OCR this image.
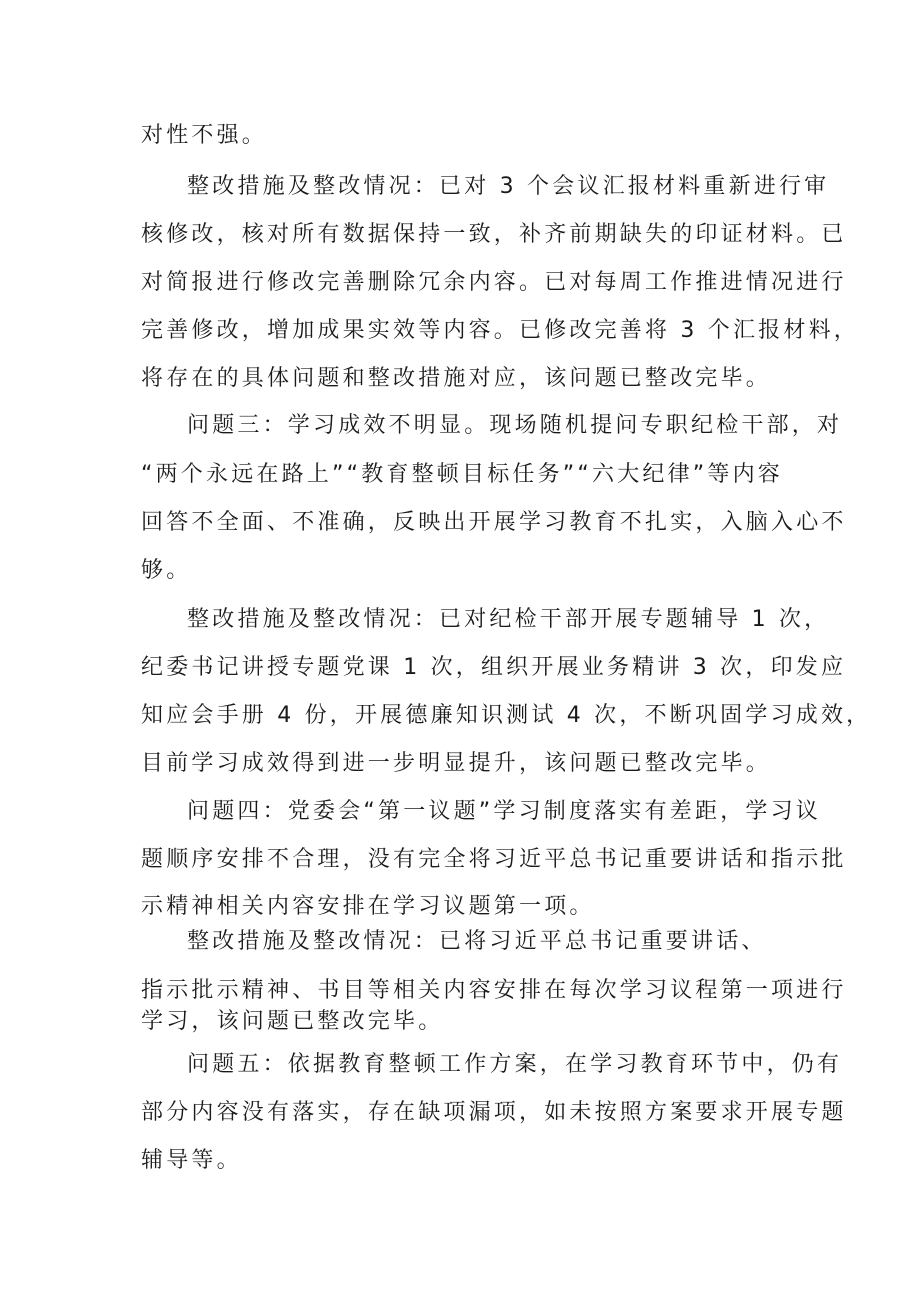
对性不强。
整改措施及整改情况：已对 3 个会议汇报材料重新进行审
核修改，核对所有数据保持一致，补齐前期缺失的印证材料。已
对简报进行修改完善删除冗余内容。已对每周工作推进情况进行
完善修改，增加成果实效等内容。已修改完善将 3 个汇报材料，
将存在的具体问题和整改措施对应，该问题已整改完毕。
问题三：学习成效不明显。现场随机提问专职纪检干部，对
“两个永远在路上”“教育整顿目标任务”“六大纪律”等内容
回答不全面、不准确，反映出开展学习教育不扎实，入脑入心不
够。
整改措施及整改情况：已对纪检干部开展专题辅导 1 次，
纪委书记讲授专题党课 1 次，组织开展业务精讲 3 次，印发应
知应会手册 4 份，开展德廉知识测试 4 次，不断巩固学习成效，
目前学习成效得到进一步明显提升，该问题已整改完毕。
问题四：党委会“第一议题”学习制度落实有差距，学习议
题顺序安排不合理，没有完全将习近平总书记重要讲话和指示批
示精神相关内容安排在学习议题第一项。
整改措施及整改情况：已将习近平总书记重要讲话、
指示批示精神、书目等相关内容安排在每次学习议程第一项进行
学习，该问题已整改完毕。
问题五：依据教育整顿工作方案，在学习教育环节中，仍有
部分内容没有落实，存在缺项漏项，如未按照方案要求开展专题
辅导等。
